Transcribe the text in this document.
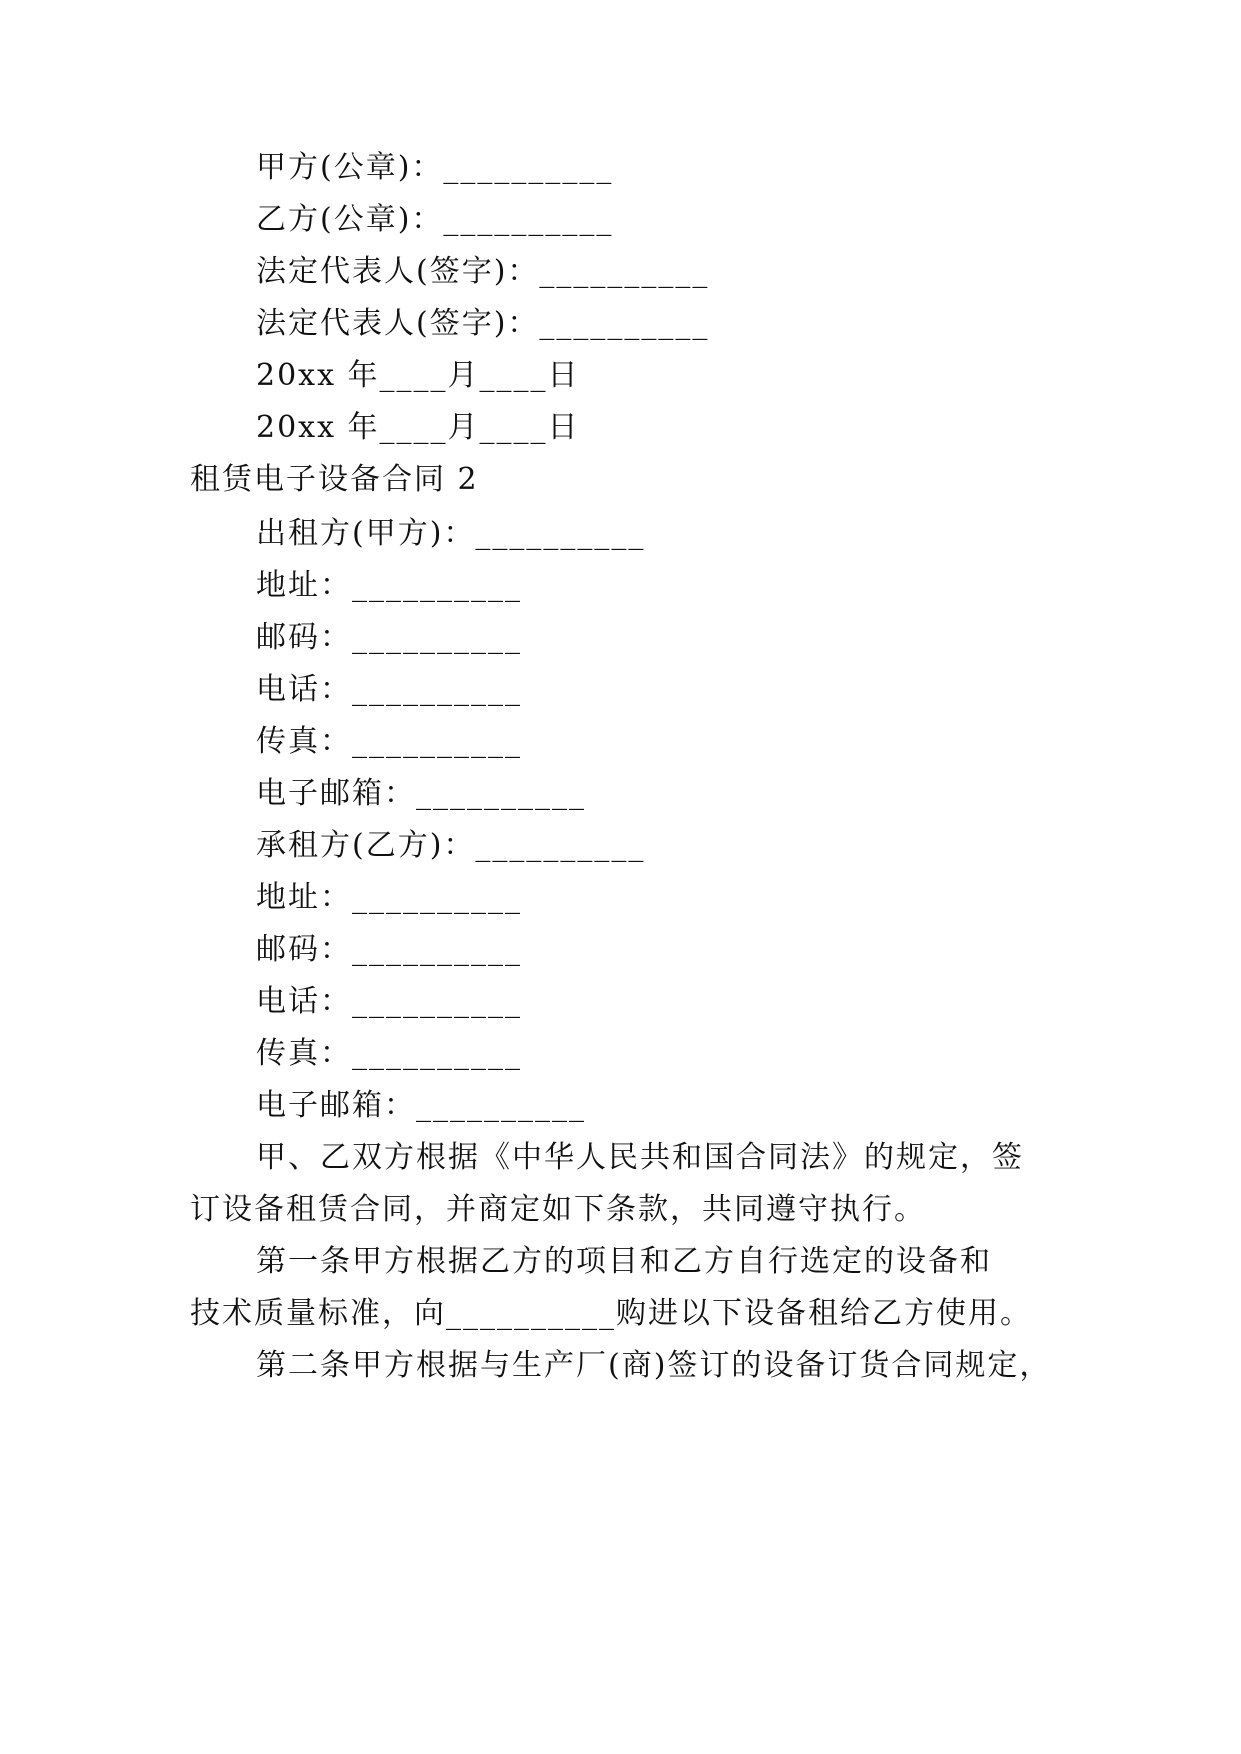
甲方(公章)：__________
乙方(公章)：__________
法定代表人(签字)：__________
法定代表人(签字)：__________
20xx 年____月____日
20xx 年____月____日
租赁电子设备合同 2
出租方(甲方)：__________
地址：__________
邮码：__________
电话：__________
传真：__________
电子邮箱：__________
承租方(乙方)：__________
地址：__________
邮码：__________
电话：__________
传真：__________
电子邮箱：__________
甲、乙双方根据《中华人民共和国合同法》的规定，签
订设备租赁合同，并商定如下条款，共同遵守执行。
第一条甲方根据乙方的项目和乙方自行选定的设备和
技术质量标准，向__________购进以下设备租给乙方使用。
第二条甲方根据与生产厂(商)签订的设备订货合同规定，
